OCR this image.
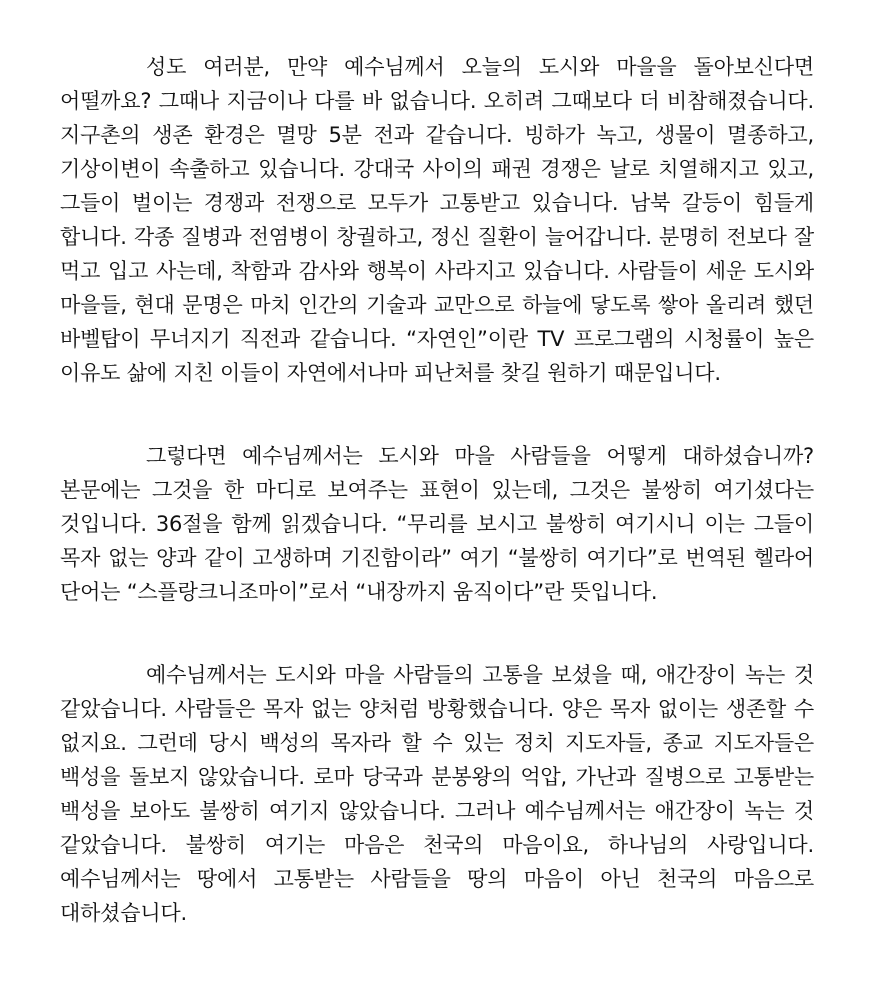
성도 여러분, 만약 예수님께서 오늘의 도시와 마을을 돌아보신다면 어떨까요? 그때나 지금이나 다를 바 없습니다. 오히려 그때보다 더 비참해졌습니다. 지구촌의 생존 환경은 멸망 5분 전과 같습니다. 빙하가 녹고, 생물이 멸종하고, 기상이변이 속출하고 있습니다. 강대국 사이의 패권 경쟁은 날로 치열해지고 있고, 그들이 벌이는 경쟁과 전쟁으로 모두가 고통받고 있습니다. 남북 갈등이 힘들게 합니다. 각종 질병과 전염병이 창궐하고, 정신 질환이 늘어갑니다. 분명히 전보다 잘 먹고 입고 사는데, 착함과 감사와 행복이 사라지고 있습니다. 사람들이 세운 도시와 마을들, 현대 문명은 마치 인간의 기술과 교만으로 하늘에 닿도록 쌓아 올리려 했던 바벨탑이 무너지기 직전과 같습니다. “자연인”이란 TV 프로그램의 시청률이 높은 이유도 삶에 지친 이들이 자연에서나마 피난처를 찾길 원하기 때문입니다.

그렇다면 예수님께서는 도시와 마을 사람들을 어떻게 대하셨습니까? 본문에는 그것을 한 마디로 보여주는 표현이 있는데, 그것은 불쌍히 여기셨다는 것입니다. 36절을 함께 읽겠습니다. “무리를 보시고 불쌍히 여기시니 이는 그들이 목자 없는 양과 같이 고생하며 기진함이라” 여기 “불쌍히 여기다”로 번역된 헬라어 단어는 “스플랑크니조마이”로서 “내장까지 움직이다”란 뜻입니다.

예수님께서는 도시와 마을 사람들의 고통을 보셨을 때, 애간장이 녹는 것 같았습니다. 사람들은 목자 없는 양처럼 방황했습니다. 양은 목자 없이는 생존할 수 없지요. 그런데 당시 백성의 목자라 할 수 있는 정치 지도자들, 종교 지도자들은 백성을 돌보지 않았습니다. 로마 당국과 분봉왕의 억압, 가난과 질병으로 고통받는 백성을 보아도 불쌍히 여기지 않았습니다. 그러나 예수님께서는 애간장이 녹는 것 같았습니다. 불쌍히 여기는 마음은 천국의 마음이요, 하나님의 사랑입니다. 예수님께서는 땅에서 고통받는 사람들을 땅의 마음이 아닌 천국의 마음으로 대하셨습니다.
